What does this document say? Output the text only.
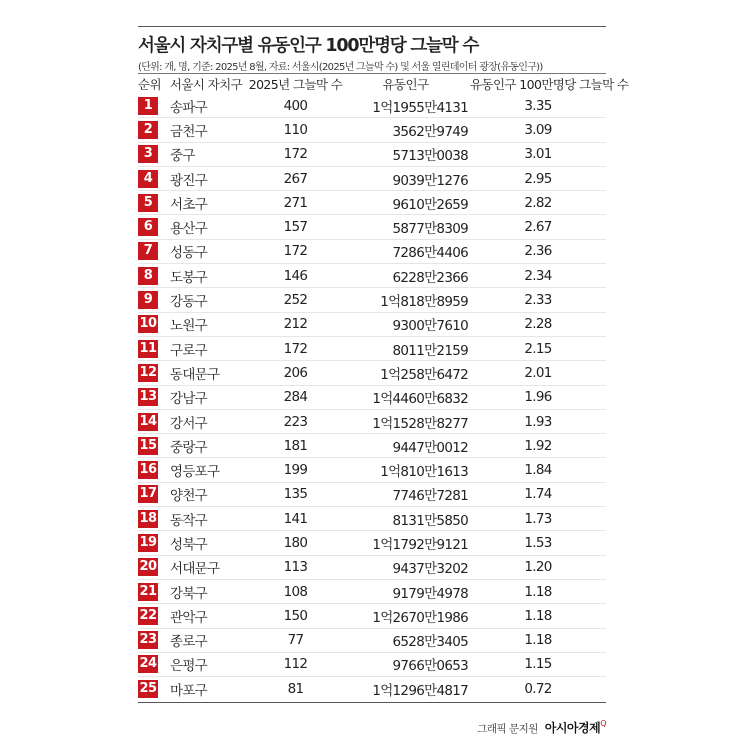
서울시 자치구별 유동인구 100만명당 그늘막 수
(단위: 개, 명, 기준: 2025년 8월, 자료: 서울시(2025년 그늘막 수) 및 서울 열린데이터 광장(유동인구))
순위	서울시 자치구	2025년 그늘막 수	유동인구	유동인구 100만명당 그늘막 수
1	송파구	400	1억1955만4131	3.35
2	금천구	110	3562만9749	3.09
3	중구	172	5713만0038	3.01
4	광진구	267	9039만1276	2.95
5	서초구	271	9610만2659	2.82
6	용산구	157	5877만8309	2.67
7	성동구	172	7286만4406	2.36
8	도봉구	146	6228만2366	2.34
9	강동구	252	1억818만8959	2.33
10	노원구	212	9300만7610	2.28
11	구로구	172	8011만2159	2.15
12	동대문구	206	1억258만6472	2.01
13	강남구	284	1억4460만6832	1.96
14	강서구	223	1억1528만8277	1.93
15	중랑구	181	9447만0012	1.92
16	영등포구	199	1억810만1613	1.84
17	양천구	135	7746만7281	1.74
18	동작구	141	8131만5850	1.73
19	성북구	180	1억1792만9121	1.53
20	서대문구	113	9437만3202	1.20
21	강북구	108	9179만4978	1.18
22	관악구	150	1억2670만1986	1.18
23	종로구	77	6528만3405	1.18
24	은평구	112	9766만0653	1.15
25	마포구	81	1억1296만4817	0.72
그래픽 문지원 아시아경제$^Q$
